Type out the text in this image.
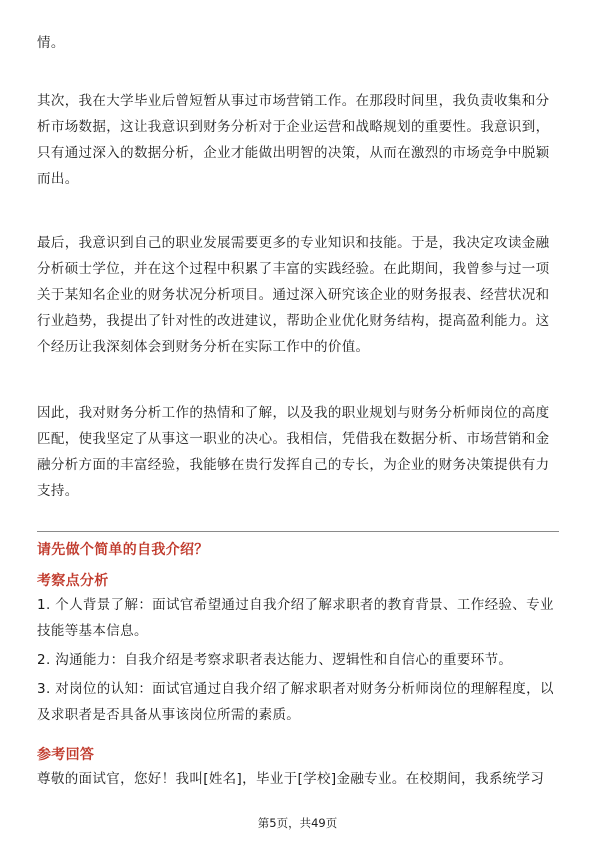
情。

其次，我在大学毕业后曾短暂从事过市场营销工作。在那段时间里，我负责收集和分析市场数据，这让我意识到财务分析对于企业运营和战略规划的重要性。我意识到，只有通过深入的数据分析，企业才能做出明智的决策，从而在激烈的市场竞争中脱颖而出。

最后，我意识到自己的职业发展需要更多的专业知识和技能。于是，我决定攻读金融分析硕士学位，并在这个过程中积累了丰富的实践经验。在此期间，我曾参与过一项关于某知名企业的财务状况分析项目。通过深入研究该企业的财务报表、经营状况和行业趋势，我提出了针对性的改进建议，帮助企业优化财务结构，提高盈利能力。这个经历让我深刻体会到财务分析在实际工作中的价值。

因此，我对财务分析工作的热情和了解，以及我的职业规划与财务分析师岗位的高度匹配，使我坚定了从事这一职业的决心。我相信，凭借我在数据分析、市场营销和金融分析方面的丰富经验，我能够在贵行发挥自己的专长，为企业的财务决策提供有力支持。

请先做个简单的自我介绍？

考察点分析

1. 个人背景了解：面试官希望通过自我介绍了解求职者的教育背景、工作经验、专业技能等基本信息。

2. 沟通能力：自我介绍是考察求职者表达能力、逻辑性和自信心的重要环节。

3. 对岗位的认知：面试官通过自我介绍了解求职者对财务分析师岗位的理解程度，以及求职者是否具备从事该岗位所需的素质。

参考回答

尊敬的面试官，您好！我叫[姓名]，毕业于[学校]金融专业。在校期间，我系统学习

第5页，共49页
